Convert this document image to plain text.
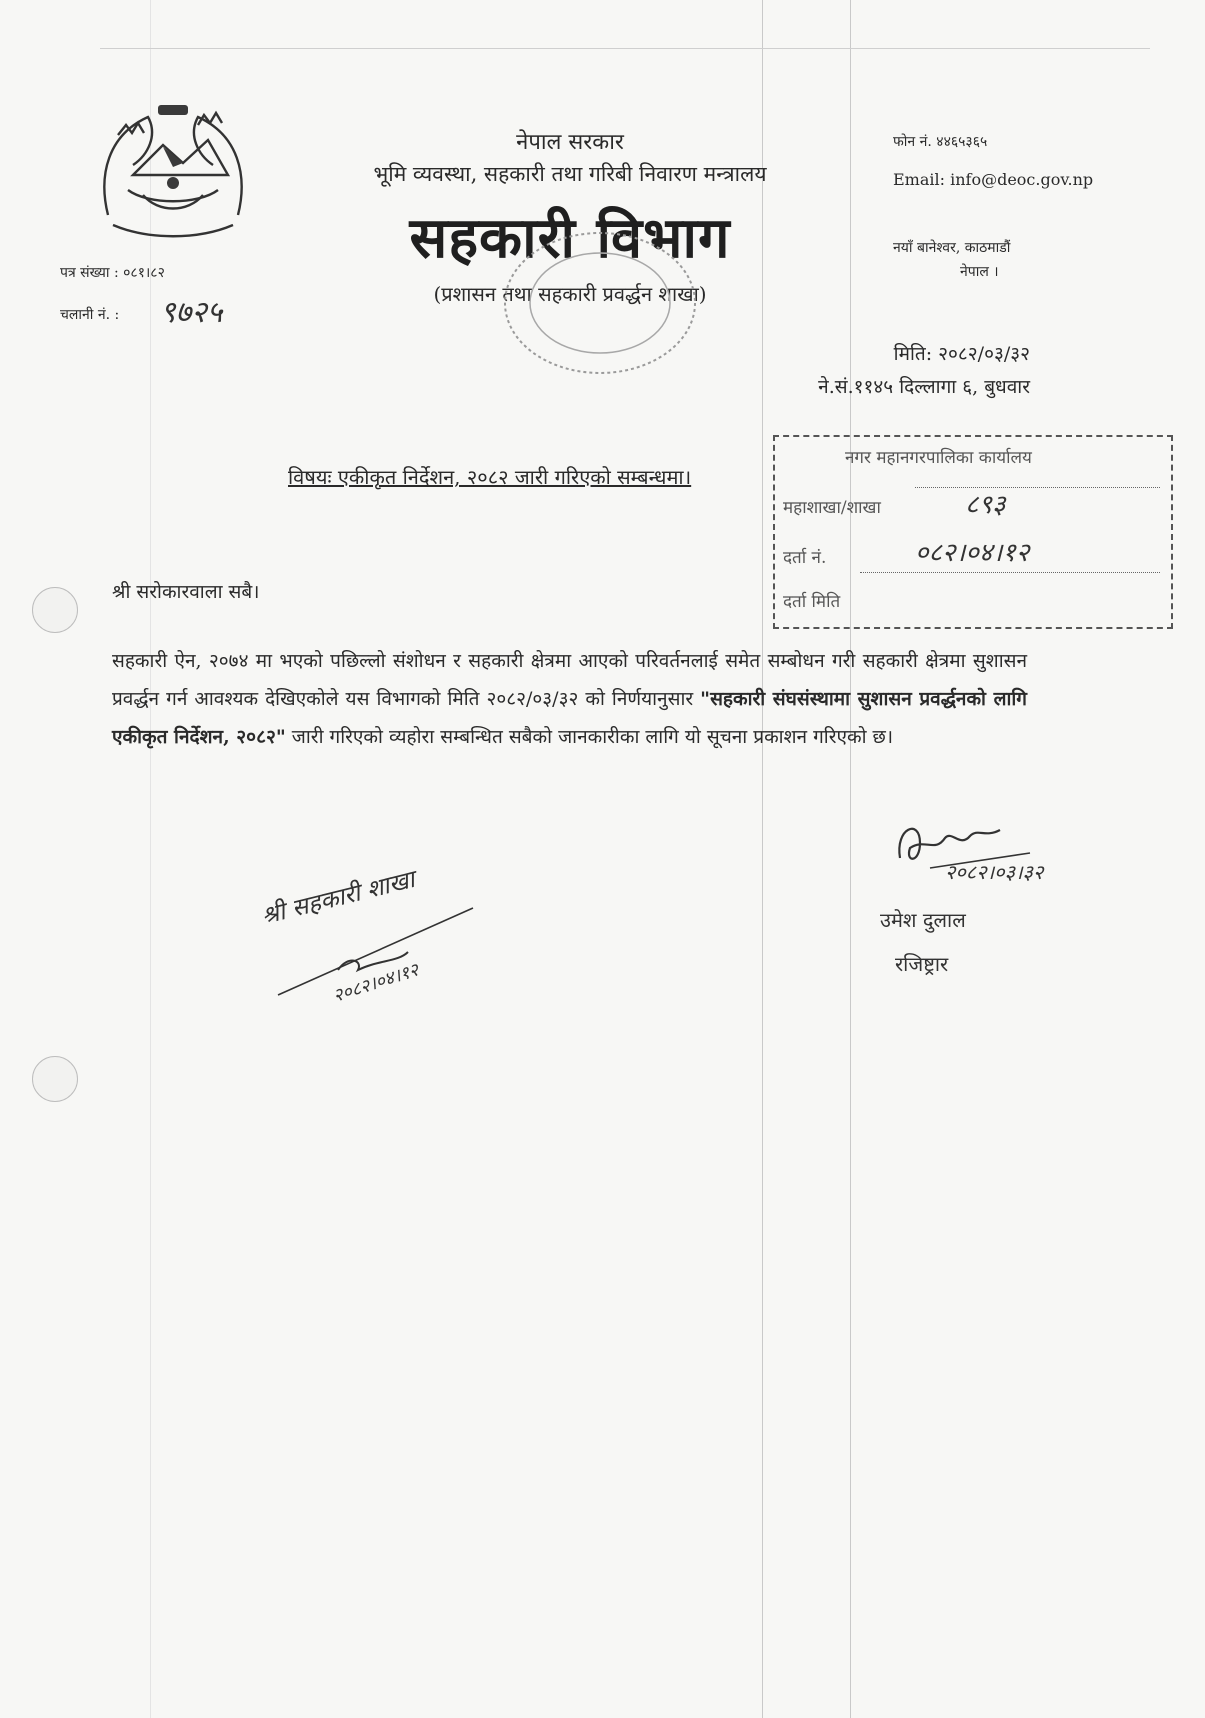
नेपाल सरकार
भूमि व्यवस्था, सहकारी तथा गरिबी निवारण मन्त्रालय
सहकारी विभाग
(प्रशासन तथा सहकारी प्रवर्द्धन शाखा)
फोन नं. ४४६५३६५
Email: info@deoc.gov.np
नयाँ बानेश्वर, काठमाडौं
नेपाल ।
पत्र संख्या : ०८१।८२
चलानी नं. : ९७२५
मिति: २०८२/०३/३२
ने.सं.११४५ दिल्लागा ६, बुधवार
नगर महानगरपालिका कार्यालय
महाशाखा/शाखा	८९३
दर्ता नं.	०८२।०४।१२
दर्ता मिति
विषयः एकीकृत निर्देशन, २०८२ जारी गरिएको सम्बन्धमा।
श्री सरोकारवाला सबै।
सहकारी ऐन, २०७४ मा भएको पछिल्लो संशोधन र सहकारी क्षेत्रमा आएको परिवर्तनलाई समेत सम्बोधन गरी सहकारी क्षेत्रमा सुशासन प्रवर्द्धन गर्न आवश्यक देखिएकोले यस विभागको मिति २०८२/०३/३२ को निर्णयानुसार "सहकारी संघसंस्थामा सुशासन प्रवर्द्धनको लागि एकीकृत निर्देशन, २०८२" जारी गरिएको व्यहोरा सम्बन्धित सबैको जानकारीका लागि यो सूचना प्रकाशन गरिएको छ।
२०८२।०३।३२
उमेश दुलाल
रजिष्ट्रार
श्री सहकारी शाखा
२०८२।०४।१२
